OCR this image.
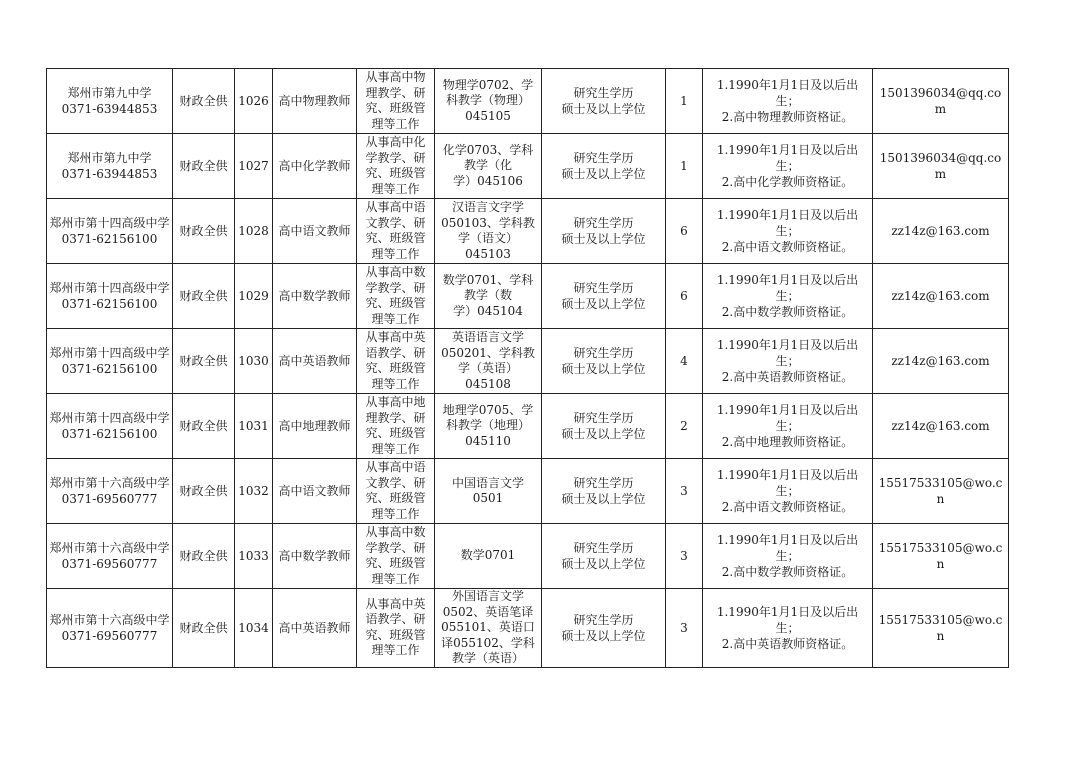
郑州市第九中学
0371-63944853	财政全供	1026	高中物理教师	从事高中物
理教学、研
究、班级管
理等工作	物理学0702、学
科教学（物理）
045105	研究生学历
硕士及以上学位	1	1.1990年1月1日及以后出
生；
2.高中物理教师资格证。	1501396034@qq.com

郑州市第九中学
0371-63944853	财政全供	1027	高中化学教师	从事高中化
学教学、研
究、班级管
理等工作	化学0703、学科
教学（化
学）045106	研究生学历
硕士及以上学位	1	1.1990年1月1日及以后出
生；
2.高中化学教师资格证。	1501396034@qq.com

郑州市第十四高级中学
0371-62156100	财政全供	1028	高中语文教师	从事高中语
文教学、研
究、班级管
理等工作	汉语言文字学
050103、学科教
学（语文）
045103	研究生学历
硕士及以上学位	6	1.1990年1月1日及以后出
生；
2.高中语文教师资格证。	zz14z@163.com

郑州市第十四高级中学
0371-62156100	财政全供	1029	高中数学教师	从事高中数
学教学、研
究、班级管
理等工作	数学0701、学科
教学（数
学）045104	研究生学历
硕士及以上学位	6	1.1990年1月1日及以后出
生；
2.高中数学教师资格证。	zz14z@163.com

郑州市第十四高级中学
0371-62156100	财政全供	1030	高中英语教师	从事高中英
语教学、研
究、班级管
理等工作	英语语言文学
050201、学科教
学（英语）
045108	研究生学历
硕士及以上学位	4	1.1990年1月1日及以后出
生；
2.高中英语教师资格证。	zz14z@163.com

郑州市第十四高级中学
0371-62156100	财政全供	1031	高中地理教师	从事高中地
理教学、研
究、班级管
理等工作	地理学0705、学
科教学（地理）
045110	研究生学历
硕士及以上学位	2	1.1990年1月1日及以后出
生；
2.高中地理教师资格证。	zz14z@163.com

郑州市第十六高级中学
0371-69560777	财政全供	1032	高中语文教师	从事高中语
文教学、研
究、班级管
理等工作	中国语言文学
0501	研究生学历
硕士及以上学位	3	1.1990年1月1日及以后出
生；
2.高中语文教师资格证。	15517533105@wo.cn

郑州市第十六高级中学
0371-69560777	财政全供	1033	高中数学教师	从事高中数
学教学、研
究、班级管
理等工作	数学0701	研究生学历
硕士及以上学位	3	1.1990年1月1日及以后出
生；
2.高中数学教师资格证。	15517533105@wo.cn

郑州市第十六高级中学
0371-69560777	财政全供	1034	高中英语教师	从事高中英
语教学、研
究、班级管
理等工作	外国语言文学
0502、英语笔译
055101、英语口
译055102、学科
教学（英语）	研究生学历
硕士及以上学位	3	1.1990年1月1日及以后出
生；
2.高中英语教师资格证。	15517533105@wo.cn
